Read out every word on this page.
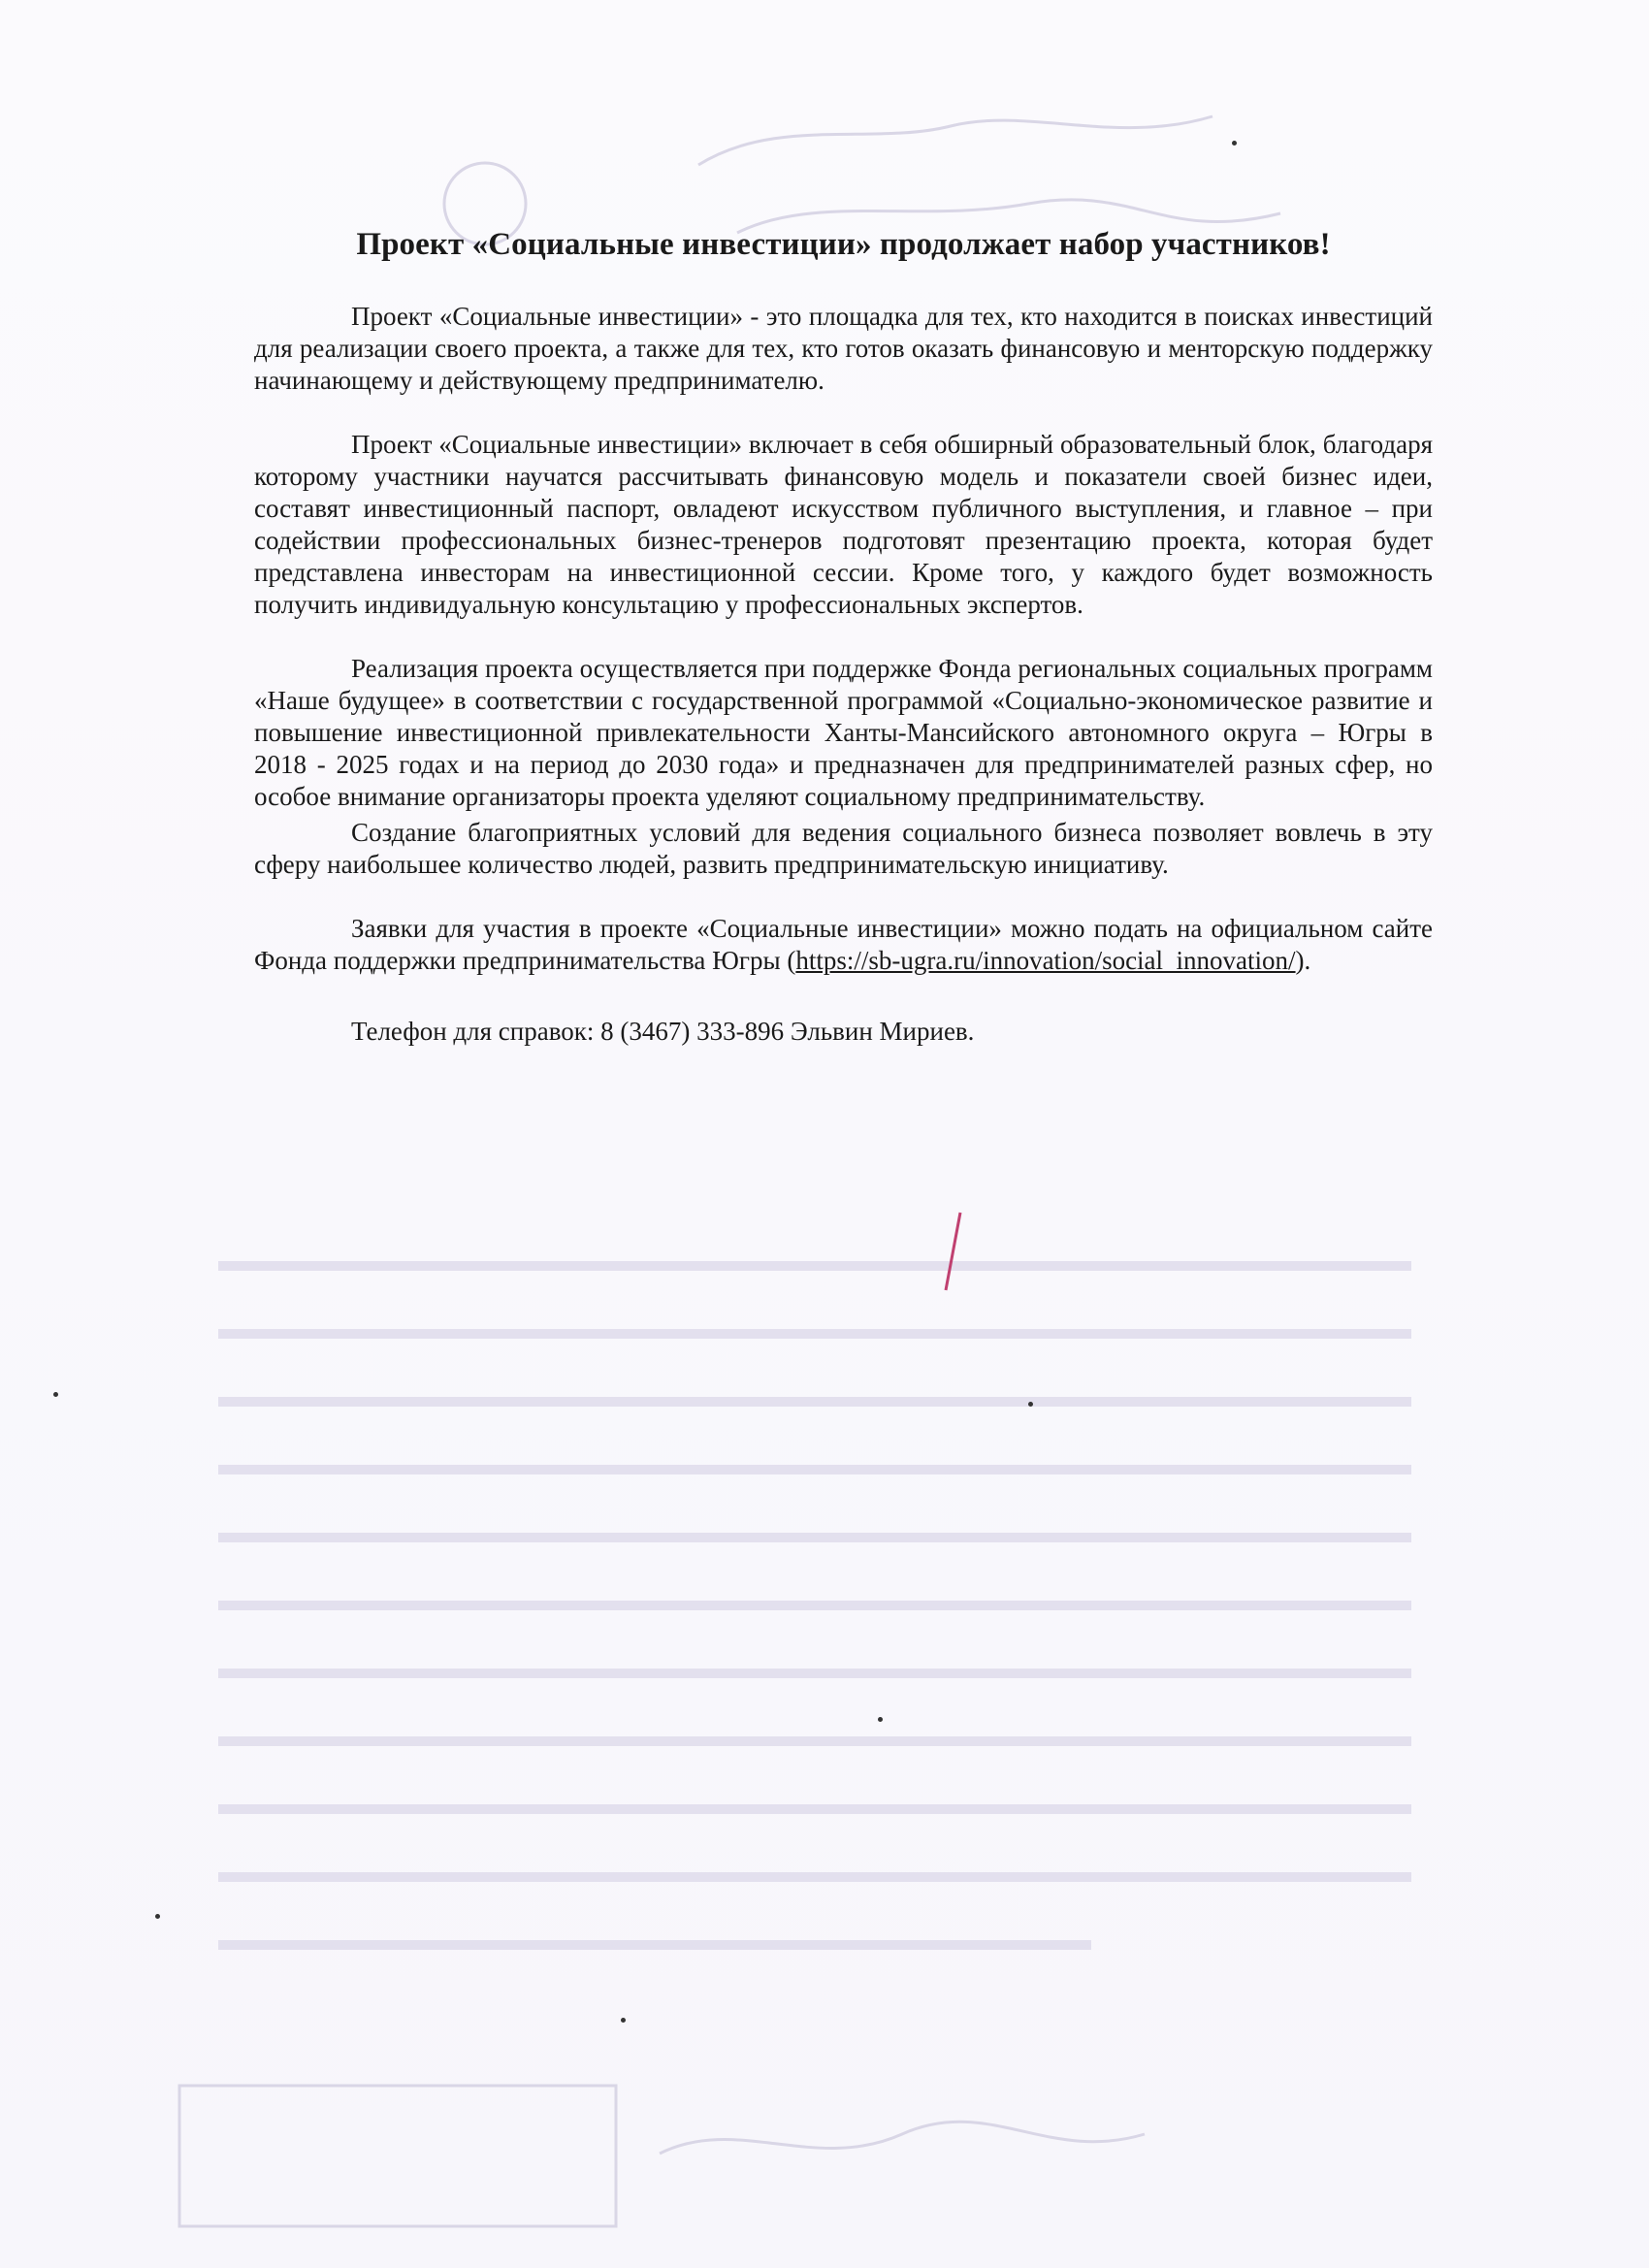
Проект «Социальные инвестиции» продолжает набор участников!

Проект «Социальные инвестиции» - это площадка для тех, кто находится в поисках инвестиций для реализации своего проекта, а также для тех, кто готов оказать финансовую и менторскую поддержку начинающему и действующему предпринимателю.

Проект «Социальные инвестиции» включает в себя обширный образовательный блок, благодаря которому участники научатся рассчитывать финансовую модель и показатели своей бизнес идеи, составят инвестиционный паспорт, овладеют искусством публичного выступления, и главное – при содействии профессиональных бизнес-тренеров подготовят презентацию проекта, которая будет представлена инвесторам на инвестиционной сессии. Кроме того, у каждого будет возможность получить индивидуальную консультацию у профессиональных экспертов.

Реализация проекта осуществляется при поддержке Фонда региональных социальных программ «Наше будущее» в соответствии с государственной программой «Социально-экономическое развитие и повышение инвестиционной привлекательности Ханты-Мансийского автономного округа – Югры в 2018 - 2025 годах и на период до 2030 года» и предназначен для предпринимателей разных сфер, но особое внимание организаторы проекта уделяют социальному предпринимательству.

Создание благоприятных условий для ведения социального бизнеса позволяет вовлечь в эту сферу наибольшее количество людей, развить предпринимательскую инициативу.

Заявки для участия в проекте «Социальные инвестиции» можно подать на официальном сайте Фонда поддержки предпринимательства Югры (https://sb-ugra.ru/innovation/social_innovation/).

Телефон для справок: 8 (3467) 333-896 Эльвин Мириев.
